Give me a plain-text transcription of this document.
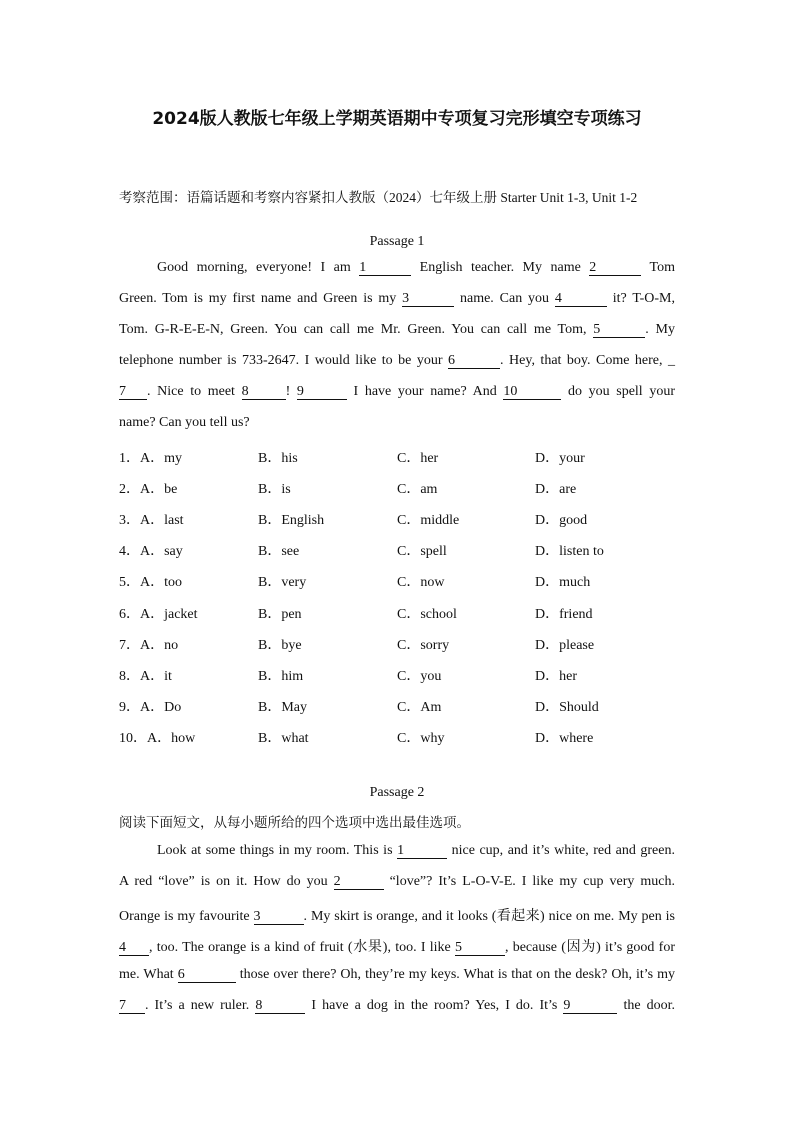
2024版人教版七年级上学期英语期中专项复习完形填空专项练习
考察范围：语篇话题和考察内容紧扣人教版（2024）七年级上册 Starter Unit 1-3, Unit 1-2
Passage 1
Good morning, everyone! I am 1	English teacher. My name 2	Tom
Green. Tom is my first name and Green is my 3	name. Can you 4	it? T-O-M,
Tom. G-R-E-E-N, Green. You can call me Mr. Green. You can call me Tom, 5	. My
telephone number is 733-2647. I would like to be your 6	. Hey, that boy. Come here, _
7 . Nice to meet 8	! 9	I have your name? And 10	do you spell your
name? Can you tell us?
1．A．my	B．his	C．her	D．your
2．A．be	B．is	C．am	D．are
3．A．last	B．English	C．middle	D．good
4．A．say	B．see	C．spell	D．listen to
5．A．too	B．very	C．now	D．much
6．A．jacket	B．pen	C．school	D．friend
7．A．no	B．bye	C．sorry	D．please
8．A．it	B．him	C．you	D．her
9．A．Do	B．May	C．Am	D．Should
10．A．how	B．what	C．why	D．where
Passage 2
阅读下面短文，从每小题所给的四个选项中选出最佳选项。
Look at some things in my room. This is 1	nice cup, and it’s white, red and green.
A red “love” is on it. How do you 2	“love”? It’s L-O-V-E. I like my cup very much.
Orange is my favourite 3	. My skirt is orange, and it looks (看起来) nice on me. My pen is
4 , too. The orange is a kind of fruit (水果), too. I like 5	, because (因为) it’s good for
me. What 6	those over there? Oh, they’re my keys. What is that on the desk? Oh, it’s my
7 . It’s a new ruler. 8	I have a dog in the room? Yes, I do. It’s 9	the door.
